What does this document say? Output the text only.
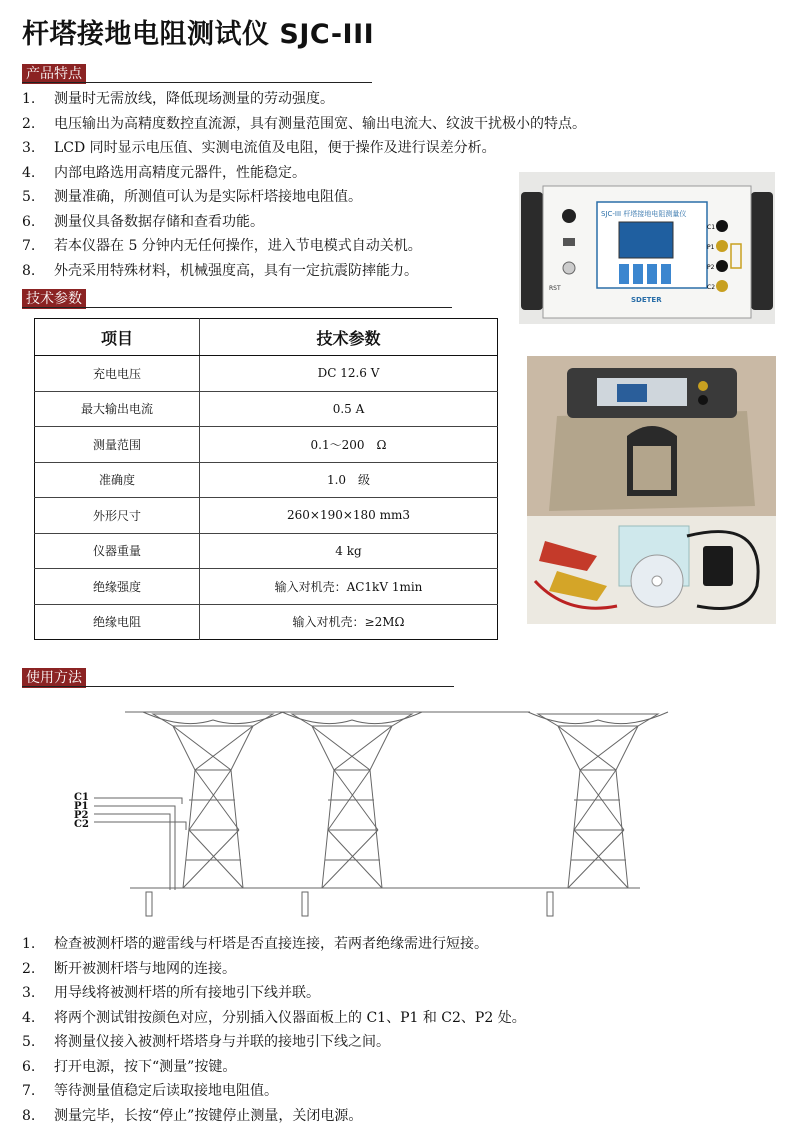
杆塔接地电阻测试仪 SJC-III
产品特点
1. 测量时无需放线，降低现场测量的劳动强度。
2. 电压输出为高精度数控直流源，具有测量范围宽、输出电流大、纹波干扰极小的特点。
3. LCD 同时显示电压值、实测电流值及电阻，便于操作及进行误差分析。
4. 内部电路选用高精度元器件，性能稳定。
5. 测量准确，所测值可认为是实际杆塔接地电阻值。
6. 测量仪具备数据存储和查看功能。
7. 若本仪器在 5 分钟内无任何操作，进入节电模式自动关机。
8. 外壳采用特殊材料，机械强度高，具有一定抗震防摔能力。
技术参数
项目	技术参数
充电电压	DC 12.6 V
最大输出电流	0.5 A
测量范围	0.1～200　Ω
准确度	1.0　级
外形尺寸	260×190×180 mm3
仪器重量	4 kg
绝缘强度	输入对机壳：AC1kV 1min
绝缘电阻	输入对机壳：≥2MΩ
SJC-III 杆塔接地电阻测量仪
RST
C1
P1
P2
C2
SDETER
使用方法
C1
P1
P2
C2
1. 检查被测杆塔的避雷线与杆塔是否直接连接，若两者绝缘需进行短接。
2. 断开被测杆塔与地网的连接。
3. 用导线将被测杆塔的所有接地引下线并联。
4. 将两个测试钳按颜色对应，分别插入仪器面板上的 C1、P1 和 C2、P2 处。
5. 将测量仪接入被测杆塔塔身与并联的接地引下线之间。
6. 打开电源，按下“测量”按键。
7. 等待测量值稳定后读取接地电阻值。
8. 测量完毕，长按“停止”按键停止测量，关闭电源。
